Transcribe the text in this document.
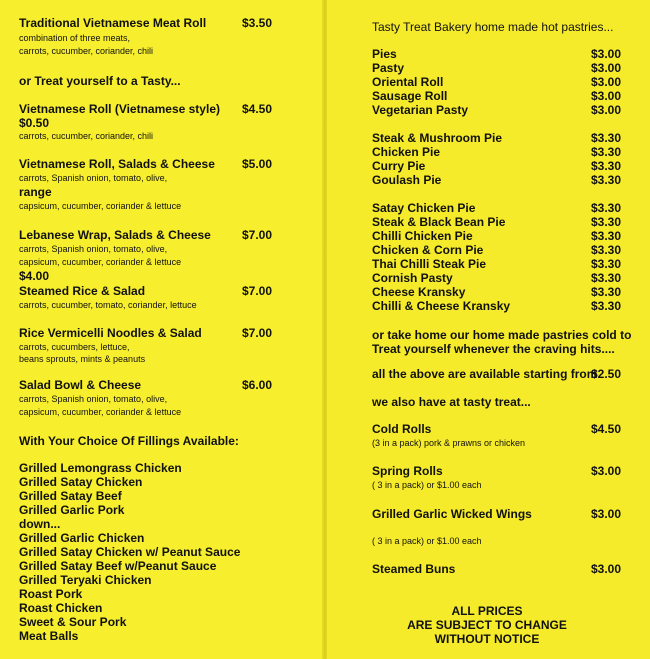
Traditional Vietnamese Meat Roll	$3.50
combination of three meats,
carrots, cucumber, coriander, chili
or Treat yourself to a Tasty...
Vietnamese Roll (Vietnamese style) $4.50
$0.50
carrots, cucumber, coriander, chili
Vietnamese Roll, Salads & Cheese $5.00
carrots, Spanish onion, tomato, olive,
range
capsicum, cucumber, coriander & lettuce
Lebanese Wrap, Salads & Cheese	$7.00
carrots, Spanish onion, tomato, olive,
capsicum, cucumber, coriander & lettuce
$4.00
Steamed Rice & Salad	$7.00
carrots, cucumber, tomato, coriander, lettuce
Rice Vermicelli Noodles & Salad	$7.00
carrots, cucumbers, lettuce,
beans sprouts, mints & peanuts
Salad Bowl & Cheese	$6.00
carrots, Spanish onion, tomato, olive,
capsicum, cucumber, coriander & lettuce
With Your Choice Of Fillings Available:
Grilled Lemongrass Chicken
Grilled Satay Chicken
Grilled Satay Beef
Grilled Garlic Pork
down...
Grilled Garlic Chicken
Grilled Satay Chicken w/ Peanut Sauce
Grilled Satay Beef w/Peanut Sauce
Grilled Teryaki Chicken
Roast Pork
Roast Chicken
Sweet & Sour Pork
Meat Balls
Tasty Treat Bakery home made hot pastries...
Pies	$3.00
Pasty	$3.00
Oriental Roll	$3.00
Sausage Roll	$3.00
Vegetarian Pasty	$3.00
Steak & Mushroom Pie	$3.30
Chicken Pie	$3.30
Curry Pie	$3.30
Goulash Pie	$3.30
Satay Chicken Pie	$3.30
Steak & Black Bean Pie	$3.30
Chilli Chicken Pie	$3.30
Chicken & Corn Pie	$3.30
Thai Chilli Steak Pie	$3.30
Cornish Pasty	$3.30
Cheese Kransky	$3.30
Chilli & Cheese Kransky	$3.30
or take home our home made pastries cold to
Treat yourself whenever the craving hits....
all the above are available starting from
$2.50
we also have at tasty treat...
Cold Rolls	$4.50
(3 in a pack) pork & prawns or chicken
Spring Rolls	$3.00
( 3 in a pack) or $1.00 each
Grilled Garlic Wicked Wings	$3.00
( 3 in a pack) or $1.00 each
Steamed Buns	$3.00
ALL PRICES
ARE SUBJECT TO CHANGE
WITHOUT NOTICE
